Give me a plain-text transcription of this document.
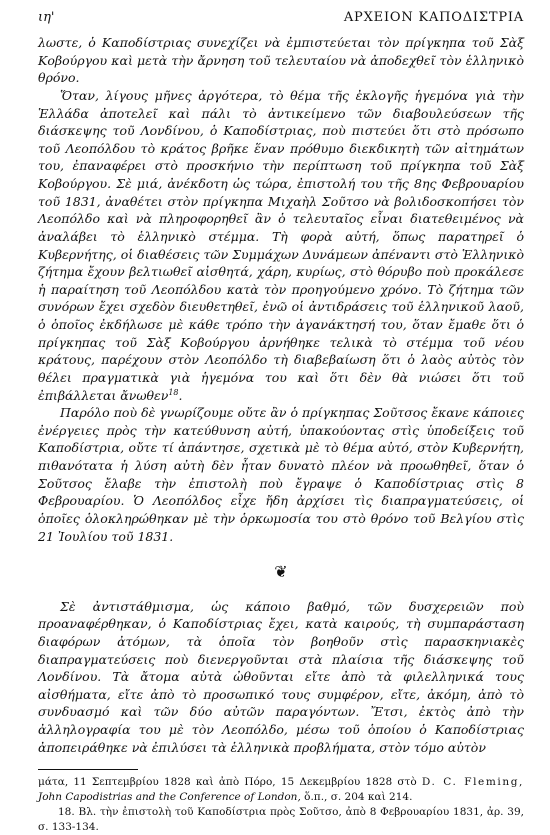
ιη'	ΑΡΧΕΙΟΝ ΚΑΠΟΔΙΣΤΡΙΑ

λωστε, ὁ Καποδίστριας συνεχίζει νὰ ἐμπιστεύεται τὸν πρίγκηπα τοῦ Σὰξ Κοβούργου καὶ μετὰ τὴν ἄρνηση τοῦ τελευταίου νὰ ἀποδεχθεῖ τὸν ἑλληνικὸ θρόνο.

Ὅταν, λίγους μῆνες ἀργότερα, τὸ θέμα τῆς ἐκλογῆς ἡγεμόνα γιὰ τὴν Ἑλλάδα ἀποτελεῖ καὶ πάλι τὸ ἀντικείμενο τῶν διαβουλεύσεων τῆς διάσκεψης τοῦ Λονδίνου, ὁ Καποδίστριας, ποὺ πιστεύει ὅτι στὸ πρόσωπο τοῦ Λεοπόλδου τὸ κράτος βρῆκε ἕναν πρόθυμο διεκδικητὴ τῶν αἰτημάτων του, ἐπαναφέρει στὸ προσκήνιο τὴν περίπτωση τοῦ πρίγκηπα τοῦ Σὰξ Κοβούργου. Σὲ μιά, ἀνέκδοτη ὡς τώρα, ἐπιστολή του τῆς 8ης Φεβρουαρίου τοῦ 1831, ἀναθέτει στὸν πρίγκηπα Μιχαὴλ Σοῦτσο νὰ βολιδοσκοπήσει τὸν Λεοπόλδο καὶ νὰ πληροφορηθεῖ ἂν ὁ τελευταῖος εἶναι διατεθειμένος νὰ ἀναλάβει τὸ ἑλληνικὸ στέμμα. Τὴ φορὰ αὐτή, ὅπως παρατηρεῖ ὁ Κυβερνήτης, οἱ διαθέσεις τῶν Συμμάχων Δυνάμεων ἀπέναντι στὸ Ἑλληνικὸ ζήτημα ἔχουν βελτιωθεῖ αἰσθητά, χάρη, κυρίως, στὸ θόρυβο ποὺ προκάλεσε ἡ παραίτηση τοῦ Λεοπόλδου κατὰ τὸν προηγούμενο χρόνο. Τὸ ζήτημα τῶν συνόρων ἔχει σχεδὸν διευθετηθεῖ, ἐνῶ οἱ ἀντιδράσεις τοῦ ἑλληνικοῦ λαοῦ, ὁ ὁποῖος ἐκδήλωσε μὲ κάθε τρόπο τὴν ἀγανάκτησή του, ὅταν ἔμαθε ὅτι ὁ πρίγκηπας τοῦ Σὰξ Κοβούργου ἀρνήθηκε τελικὰ τὸ στέμμα τοῦ νέου κράτους, παρέχουν στὸν Λεοπόλδο τὴ διαβεβαίωση ὅτι ὁ λαὸς αὐτὸς τὸν θέλει πραγματικὰ γιὰ ἡγεμόνα του καὶ ὅτι δὲν θὰ νιώσει ὅτι τοῦ ἐπιβάλλεται ἄνωθεν$^{18}$.

Παρόλο ποὺ δὲ γνωρίζουμε οὔτε ἂν ὁ πρίγκηπας Σοῦτσος ἔκανε κάποιες ἐνέργειες πρὸς τὴν κατεύθυνση αὐτή, ὑπακούοντας στὶς ὑποδείξεις τοῦ Καποδίστρια, οὔτε τί ἀπάντησε, σχετικὰ μὲ τὸ θέμα αὐτό, στὸν Κυβερνήτη, πιθανότατα ἡ λύση αὐτὴ δὲν ἦταν δυνατὸ πλέον νὰ προωθηθεῖ, ὅταν ὁ Σοῦτσος ἔλαβε τὴν ἐπιστολὴ ποὺ ἔγραψε ὁ Καποδίστριας στὶς 8 Φεβρουαρίου. Ὁ Λεοπόλδος εἶχε ἤδη ἀρχίσει τὶς διαπραγματεύσεις, οἱ ὁποῖες ὁλοκληρώθηκαν μὲ τὴν ὁρκωμοσία του στὸ θρόνο τοῦ Βελγίου στὶς 21 Ἰουλίου τοῦ 1831.

❦

Σὲ ἀντιστάθμισμα, ὡς κάποιο βαθμό, τῶν δυσχερειῶν ποὺ προαναφέρθηκαν, ὁ Καποδίστριας ἔχει, κατὰ καιρούς, τὴ συμπαράσταση διαφόρων ἀτόμων, τὰ ὁποῖα τὸν βοηθοῦν στὶς παρασκηνιακὲς διαπραγματεύσεις ποὺ διενεργοῦνται στὰ πλαίσια τῆς διάσκεψης τοῦ Λονδίνου. Τὰ ἄτομα αὐτὰ ὠθοῦνται εἴτε ἀπὸ τὰ φιλελληνικά τους αἰσθήματα, εἴτε ἀπὸ τὸ προσωπικό τους συμφέρον, εἴτε, ἀκόμη, ἀπὸ τὸ συνδυασμό καὶ τῶν δύο αὐτῶν παραγόντων. Ἔτσι, ἐκτὸς ἀπὸ τὴν ἀλληλογραφία του μὲ τὸν Λεοπόλδο, μέσω τοῦ ὁποίου ὁ Καποδίστριας ἀποπειράθηκε νὰ ἐπιλύσει τὰ ἑλληνικὰ προβλήματα, στὸν τόμο αὐτὸν

μάτα, 11 Σεπτεμβρίου 1828 καὶ ἀπὸ Πόρο, 15 Δεκεμβρίου 1828 στὸ D. C. Fleming, John Capodistrias and the Conference of London, ὅ.π., σ. 204 καὶ 214.

18. Βλ. τὴν ἐπιστολὴ τοῦ Καποδίστρια πρὸς Σοῦτσο, ἀπὸ 8 Φεβρουαρίου 1831, ἀρ. 39, σ. 133-134.
